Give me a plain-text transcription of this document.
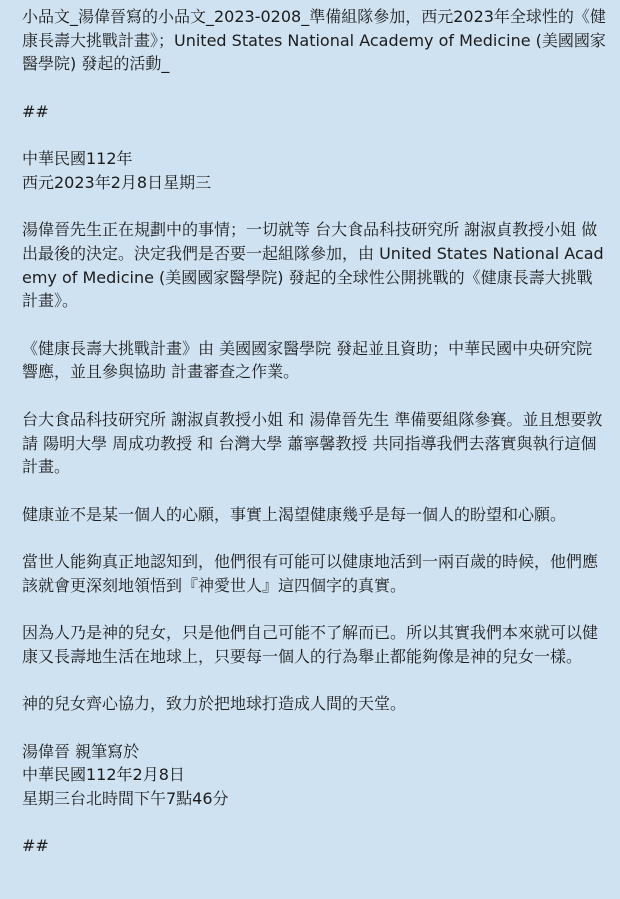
小品文_湯偉晉寫的小品文_2023-0208_準備組隊參加，西元2023年全球性的《健康長壽大挑戰計畫》；United States National Academy of Medicine (美國國家醫學院) 發起的活動_

##

中華民國112年

西元2023年2月8日星期三

湯偉晉先生正在規劃中的事情；一切就等 台大食品科技研究所 謝淑貞教授小姐 做出最後的決定。決定我們是否要一起組隊參加，由 United States National Academy of Medicine (美國國家醫學院) 發起的全球性公開挑戰的《健康長壽大挑戰計畫》。

《健康長壽大挑戰計畫》由 美國國家醫學院 發起並且資助；中華民國中央研究院 響應，並且參與協助 計畫審查之作業。

台大食品科技研究所 謝淑貞教授小姐 和 湯偉晉先生 準備要組隊參賽。並且想要敦請 陽明大學 周成功教授 和 台灣大學 蕭寧馨教授 共同指導我們去落實與執行這個計畫。

健康並不是某一個人的心願，事實上渴望健康幾乎是每一個人的盼望和心願。

當世人能夠真正地認知到，他們很有可能可以健康地活到一兩百歲的時候，他們應該就會更深刻地領悟到『神愛世人』這四個字的真實。

因為人乃是神的兒女，只是他們自己可能不了解而已。所以其實我們本來就可以健康又長壽地生活在地球上，只要每一個人的行為舉止都能夠像是神的兒女一樣。

神的兒女齊心協力，致力於把地球打造成人間的天堂。

湯偉晉 親筆寫於

中華民國112年2月8日

星期三台北時間下午7點46分

##
